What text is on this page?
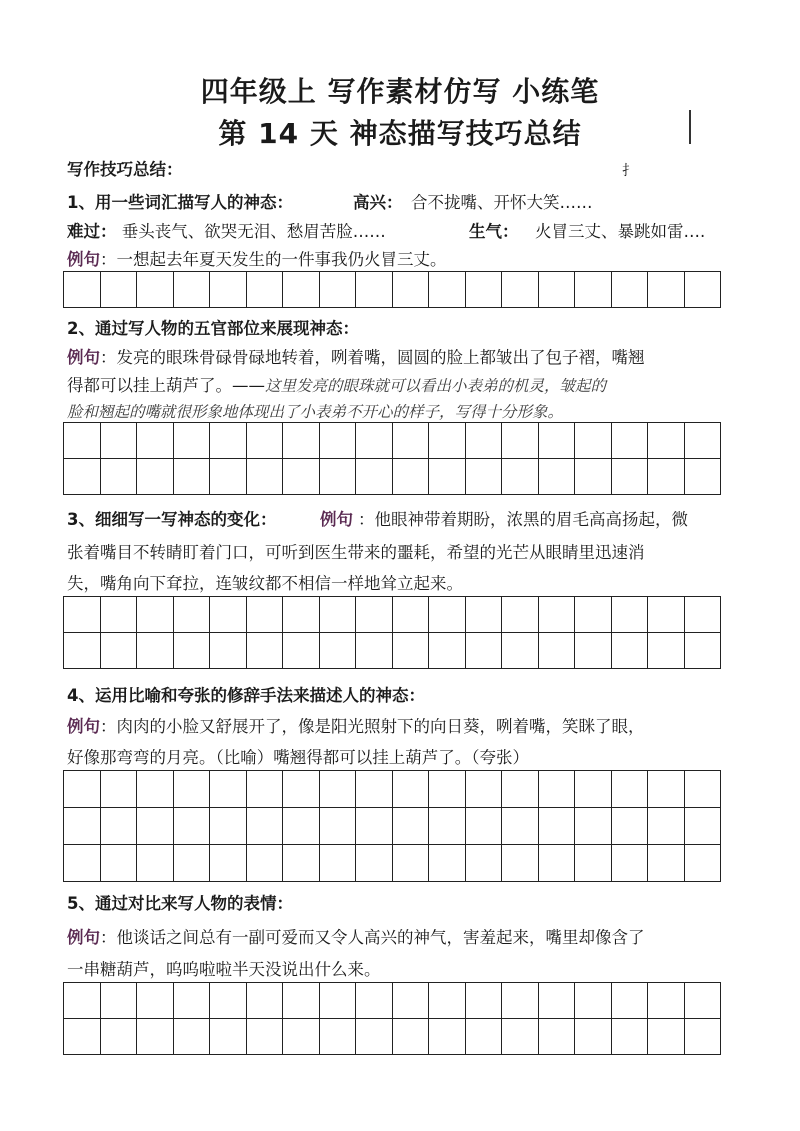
四年级上 写作素材仿写 小练笔
第 14 天 神态描写技巧总结
扌
写作技巧总结：
1、用一些词汇描写人的神态：	高兴： 合不拢嘴、开怀大笑……
难过： 垂头丧气、欲哭无泪、愁眉苦脸……	生气： 火冒三丈、暴跳如雷….
例句：一想起去年夏天发生的一件事我仍火冒三丈。
2、通过写人物的五官部位来展现神态：
例句：发亮的眼珠骨碌骨碌地转着，咧着嘴，圆圆的脸上都皱出了包子褶，嘴翘
得都可以挂上葫芦了。——这里发亮的眼珠就可以看出小表弟的机灵，皱起的
脸和翘起的嘴就很形象地体现出了小表弟不开心的样子，写得十分形象。
3、细细写一写神态的变化：	例句 ：他眼神带着期盼，浓黑的眉毛高高扬起，微
张着嘴目不转睛盯着门口，可听到医生带来的噩耗，希望的光芒从眼睛里迅速消
失，嘴角向下耷拉，连皱纹都不相信一样地耸立起来。
4、运用比喻和夸张的修辞手法来描述人的神态：
例句：肉肉的小脸又舒展开了，像是阳光照射下的向日葵，咧着嘴，笑眯了眼，
好像那弯弯的月亮。（比喻）嘴翘得都可以挂上葫芦了。（夸张）
5、通过对比来写人物的表情：
例句：他谈话之间总有一副可爱而又令人高兴的神气，害羞起来，嘴里却像含了
一串糖葫芦，呜呜啦啦半天没说出什么来。
